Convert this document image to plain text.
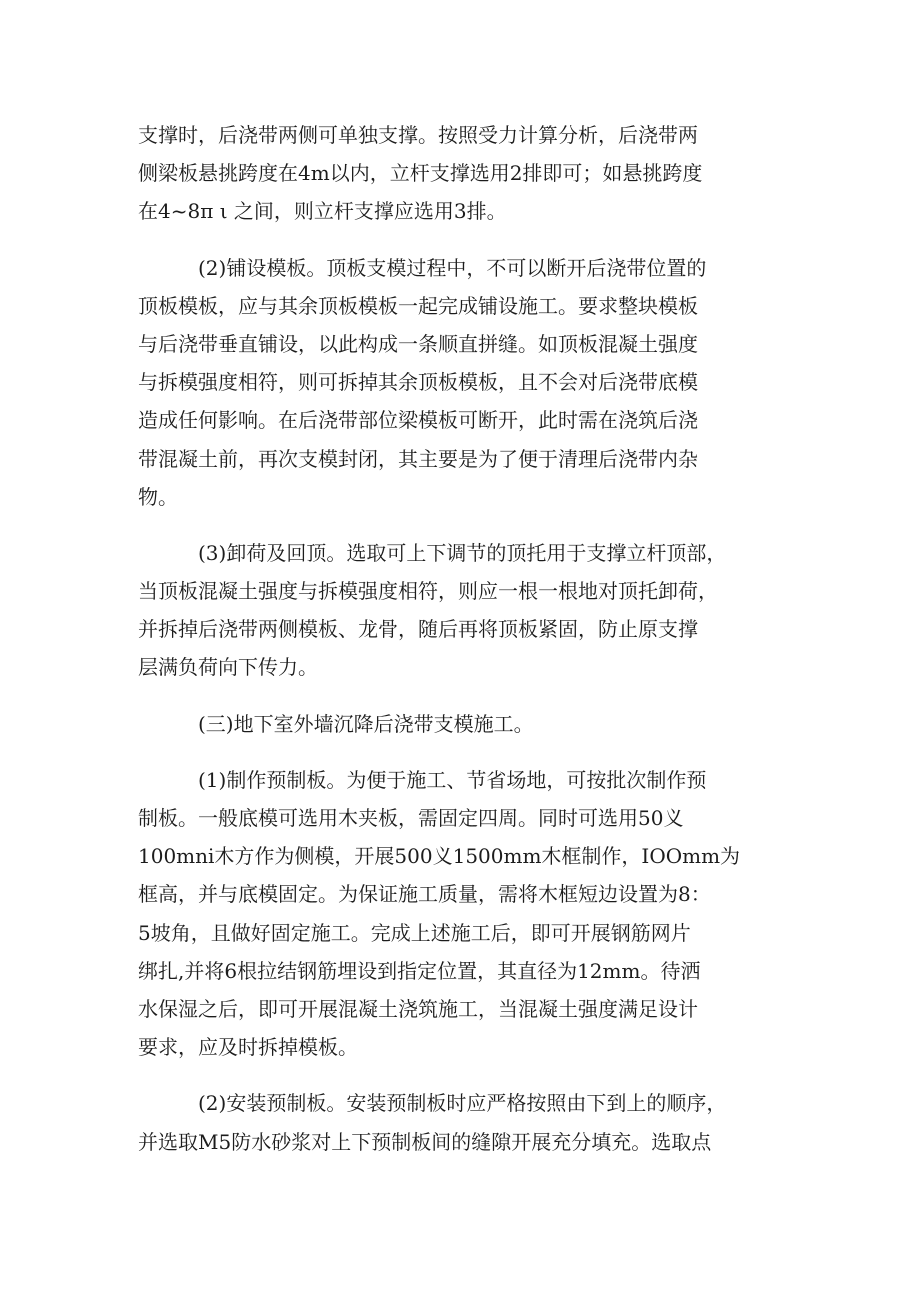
支撑时，后浇带两侧可单独支撑。按照受力计算分析，后浇带两
侧梁板悬挑跨度在4m以内，立杆支撑选用2排即可；如悬挑跨度
在4~8π ι 之间，则立杆支撑应选用3排。
(2)铺设模板。顶板支模过程中，不可以断开后浇带位置的
顶板模板，应与其余顶板模板一起完成铺设施工。要求整块模板
与后浇带垂直铺设，以此构成一条顺直拼缝。如顶板混凝土强度
与拆模强度相符，则可拆掉其余顶板模板，且不会对后浇带底模
造成任何影响。在后浇带部位梁模板可断开，此时需在浇筑后浇
带混凝土前，再次支模封闭，其主要是为了便于清理后浇带内杂
物。
(3)卸荷及回顶。选取可上下调节的顶托用于支撑立杆顶部，
当顶板混凝土强度与拆模强度相符，则应一根一根地对顶托卸荷，
并拆掉后浇带两侧模板、龙骨，随后再将顶板紧固，防止原支撑
层满负荷向下传力。
(三)地下室外墙沉降后浇带支模施工。
(1)制作预制板。为便于施工、节省场地，可按批次制作预
制板。一般底模可选用木夹板，需固定四周。同时可选用50义
100mni木方作为侧模，开展500义1500mm木框制作，IOOmm为
框高，并与底模固定。为保证施工质量，需将木框短边设置为8：
5坡角，且做好固定施工。完成上述施工后，即可开展钢筋网片
绑扎,并将6根拉结钢筋埋设到指定位置，其直径为12mm。待洒
水保湿之后，即可开展混凝土浇筑施工，当混凝土强度满足设计
要求，应及时拆掉模板。
(2)安装预制板。安装预制板时应严格按照由下到上的顺序，
并选取M5防水砂浆对上下预制板间的缝隙开展充分填充。选取点
